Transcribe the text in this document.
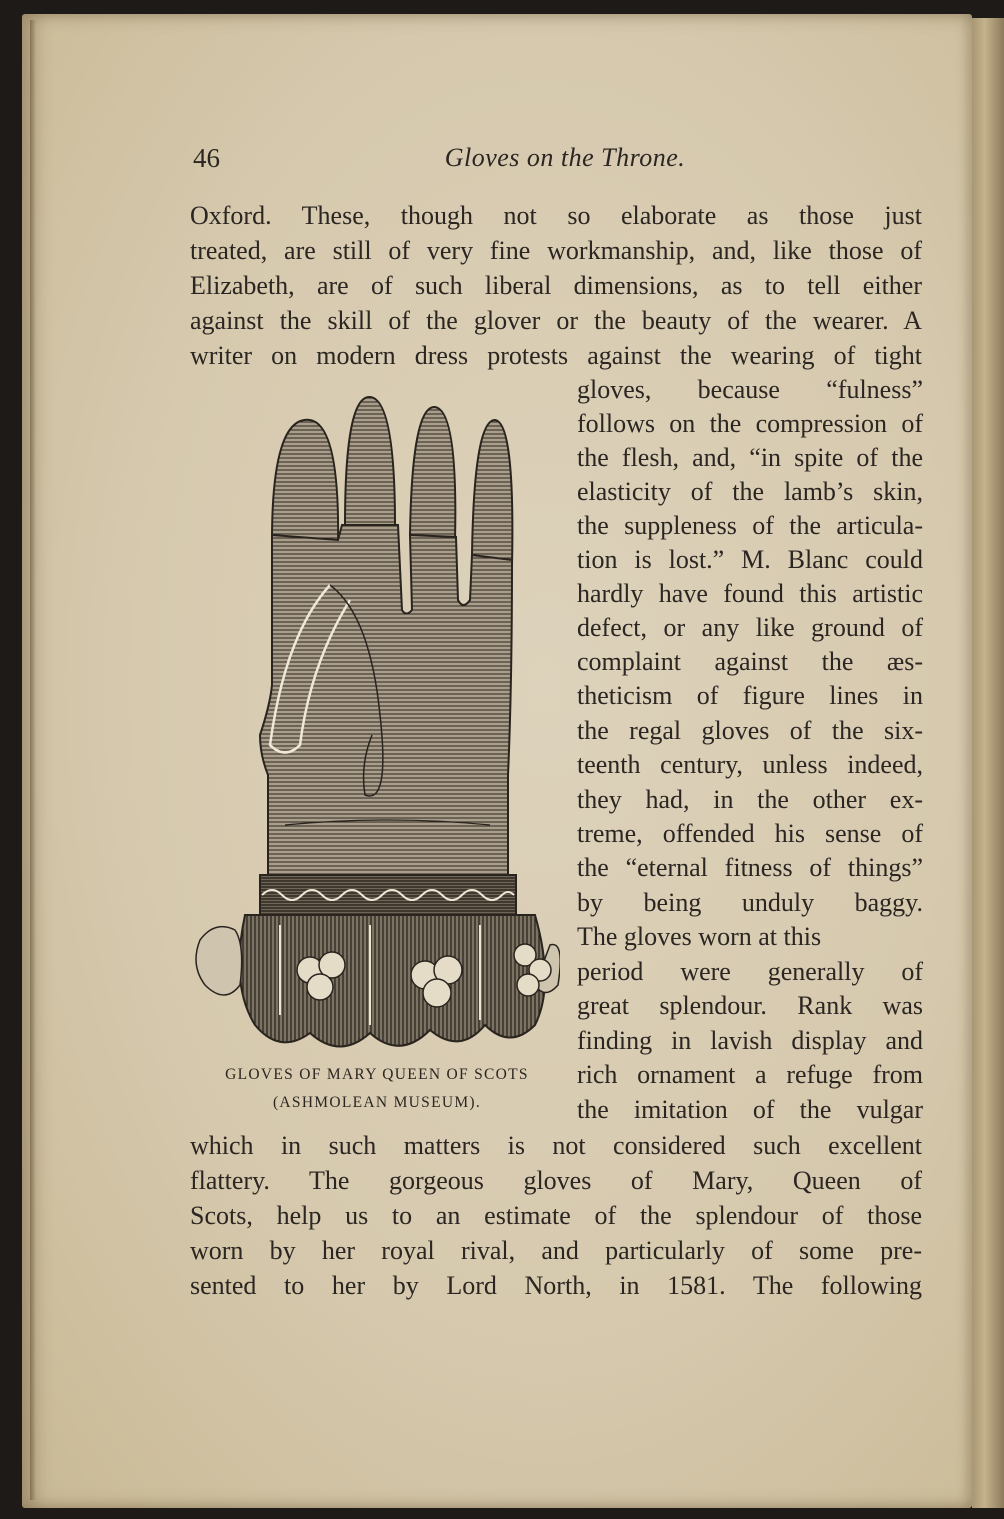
46	Gloves on the Throne.

Oxford. These, though not so elaborate as those just

treated, are still of very fine workmanship, and, like those of

Elizabeth, are of such liberal dimensions, as to tell either

against the skill of the glover or the beauty of the wearer. A

writer on modern dress protests against the wearing of tight

gloves, because “fulness”

follows on the compression of

the flesh, and, “in spite of the

elasticity of the lamb’s skin,

the suppleness of the articula-

tion is lost.” M. Blanc could

hardly have found this artistic

defect, or any like ground of

complaint against the æs-

theticism of figure lines in

the regal gloves of the six-

teenth century, unless indeed,

they had, in the other ex-

treme, offended his sense of

the “eternal fitness of things”

by being unduly baggy.

The gloves worn at this

period were generally of

great splendour. Rank was

finding in lavish display and

rich ornament a refuge from

the imitation of the vulgar

GLOVES OF MARY QUEEN OF SCOTS

(ASHMOLEAN MUSEUM).

which in such matters is not considered such excellent

flattery. The gorgeous gloves of Mary, Queen of

Scots, help us to an estimate of the splendour of those

worn by her royal rival, and particularly of some pre-

sented to her by Lord North, in 1581. The following
